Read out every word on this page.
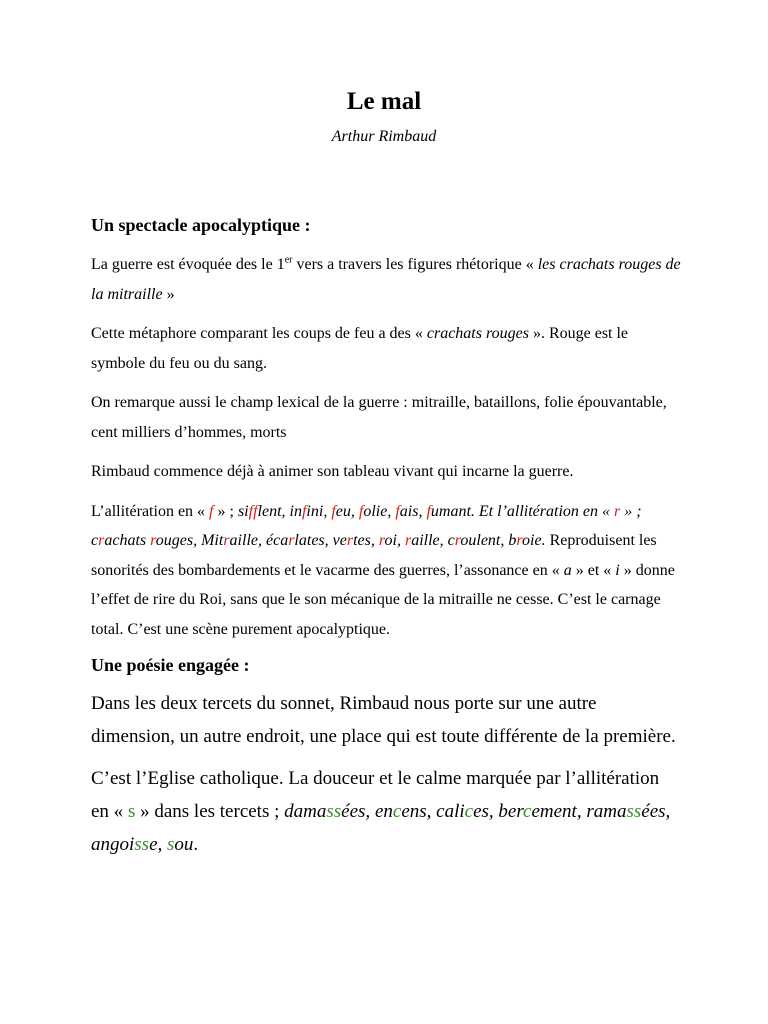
Le mal
Arthur Rimbaud
Un spectacle apocalyptique :

La guerre est évoquée des le 1er vers a travers les figures rhétorique « les crachats rouges de la mitraille »

Cette métaphore comparant les coups de feu a des « crachats rouges ». Rouge est le symbole du feu ou du sang.

On remarque aussi le champ lexical de la guerre : mitraille, bataillons, folie épouvantable, cent milliers d’hommes, morts

Rimbaud commence déjà à animer son tableau vivant qui incarne la guerre.

L’allitération en « f » ; sifflent, infini, feu, folie, fais, fumant. Et l’allitération en « r » ; crachats rouges, Mitraille, écarlates, vertes, roi, raille, croulent, broie. Reproduisent les sonorités des bombardements et le vacarme des guerres, l’assonance en « a » et « i » donne l’effet de rire du Roi, sans que le son mécanique de la mitraille ne cesse. C’est le carnage total. C’est une scène purement apocalyptique.

Une poésie engagée :

Dans les deux tercets du sonnet, Rimbaud nous porte sur une autre dimension, un autre endroit, une place qui est toute différente de la première.

C’est l’Eglise catholique. La douceur et le calme marquée par l’allitération en « s » dans les tercets ; damassées, encens, calices, bercement, ramassées, angoisse, sou.
